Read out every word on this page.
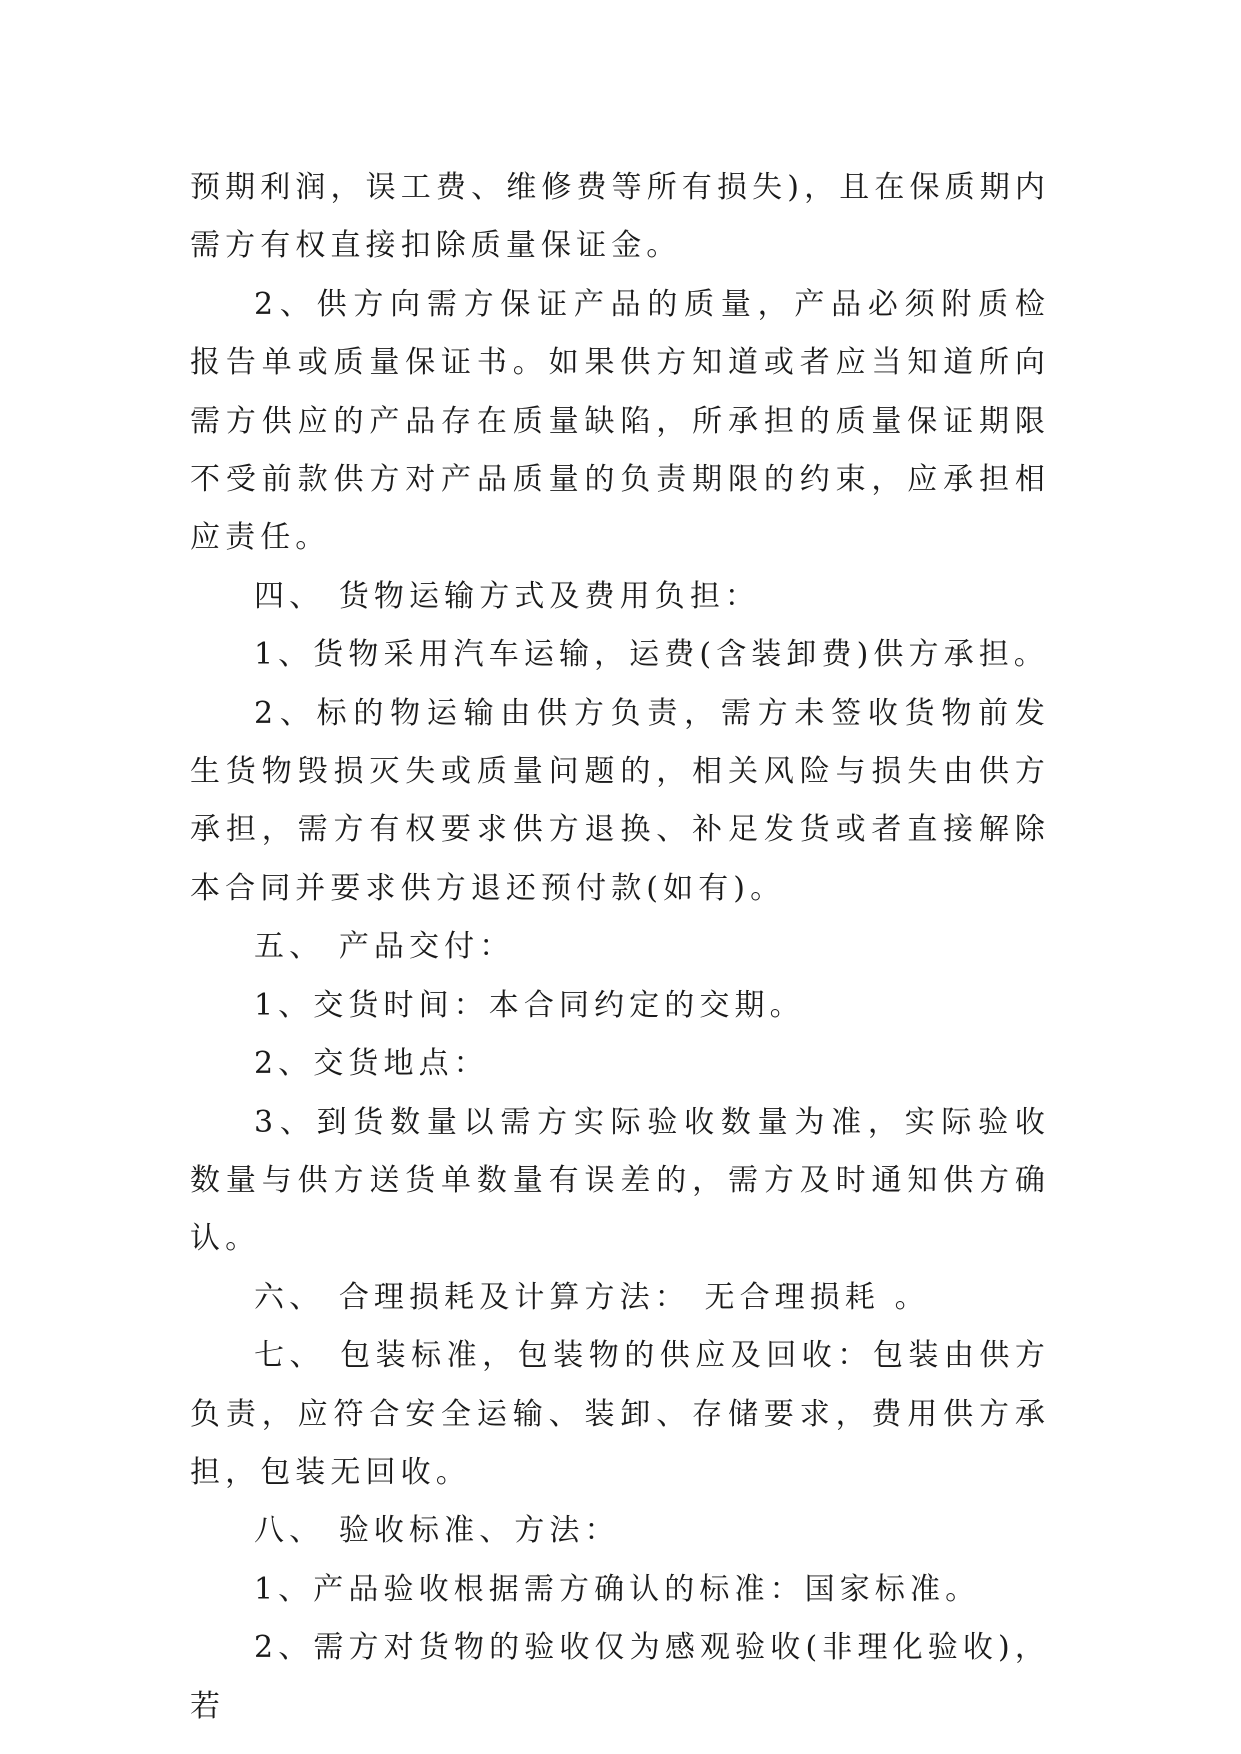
预期利润，误工费、维修费等所有损失)，且在保质期内需方有权直接扣除质量保证金。

2、供方向需方保证产品的质量，产品必须附质检报告单或质量保证书。如果供方知道或者应当知道所向需方供应的产品存在质量缺陷，所承担的质量保证期限不受前款供方对产品质量的负责期限的约束，应承担相应责任。

四、 货物运输方式及费用负担：

1、货物采用汽车运输，运费(含装卸费)供方承担。

2、标的物运输由供方负责，需方未签收货物前发生货物毁损灭失或质量问题的，相关风险与损失由供方承担，需方有权要求供方退换、补足发货或者直接解除本合同并要求供方退还预付款(如有)。

五、 产品交付：

1、交货时间：本合同约定的交期。

2、交货地点：

3、到货数量以需方实际验收数量为准，实际验收数量与供方送货单数量有误差的，需方及时通知供方确认。

六、 合理损耗及计算方法： 无合理损耗 。

七、 包装标准，包装物的供应及回收：包装由供方负责，应符合安全运输、装卸、存储要求，费用供方承担，包装无回收。

八、 验收标准、方法：

1、产品验收根据需方确认的标准：国家标准。

2、需方对货物的验收仅为感观验收(非理化验收)，若
